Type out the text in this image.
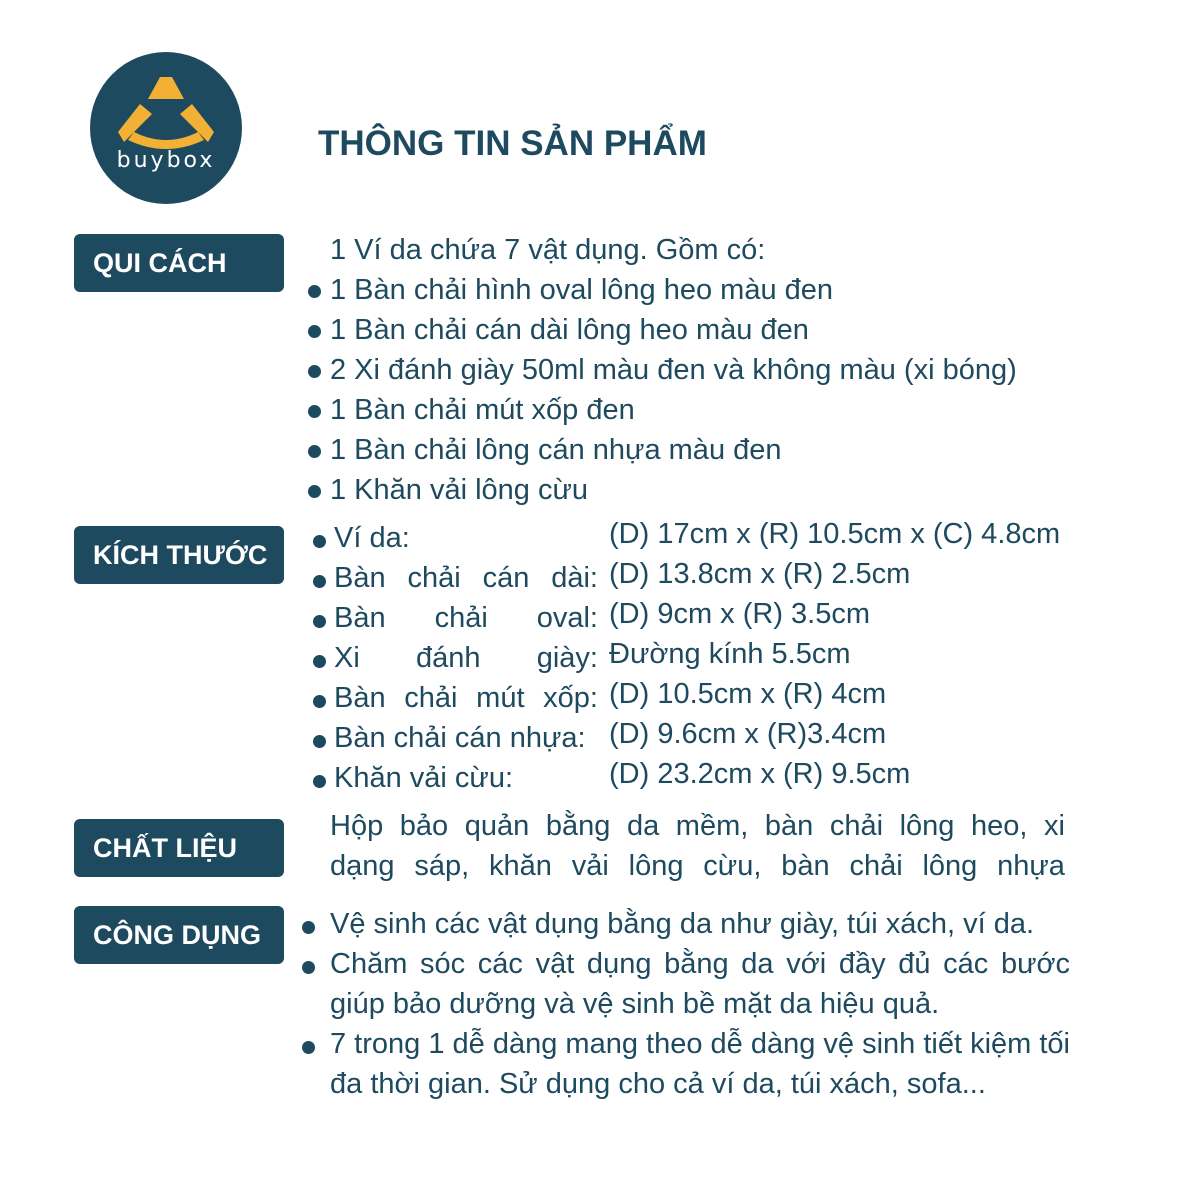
buybox	THÔNG TIN SẢN PHẨM
QUI CÁCH	1 Ví da chứa 7 vật dụng. Gồm có:
1 Bàn chải hình oval lông heo màu đen
1 Bàn chải cán dài lông heo màu đen
2 Xi đánh giày 50ml màu đen và không màu (xi bóng)
1 Bàn chải mút xốp đen
1 Bàn chải lông cán nhựa màu đen
1 Khăn vải lông cừu
KÍCH THƯỚC
Ví da:	(D) 17cm x (R) 10.5cm x (C) 4.8cm
Bàn chải cán dài: (D) 13.8cm x (R) 2.5cm
Bàn chải oval: (D) 9cm x (R) 3.5cm
Xi đánh giày: Đường kính 5.5cm
Bàn chải mút xốp: (D) 10.5cm x (R) 4cm
Bàn chải cán nhựa: (D) 9.6cm x (R)3.4cm
Khăn vải cừu:	(D) 23.2cm x (R) 9.5cm
CHẤT LIỆU
Hộp bảo quản bằng da mềm, bàn chải lông heo, xi
dạng sáp, khăn vải lông cừu, bàn chải lông nhựa
CÔNG DỤNG	Vệ sinh các vật dụng bằng da như giày, túi xách, ví da.
Chăm sóc các vật dụng bằng da với đầy đủ các bước giúp bảo dưỡng và vệ sinh bề mặt da hiệu quả.
7 trong 1 dễ dàng mang theo dễ dàng vệ sinh tiết kiệm tối đa thời gian. Sử dụng cho cả ví da, túi xách, sofa...
